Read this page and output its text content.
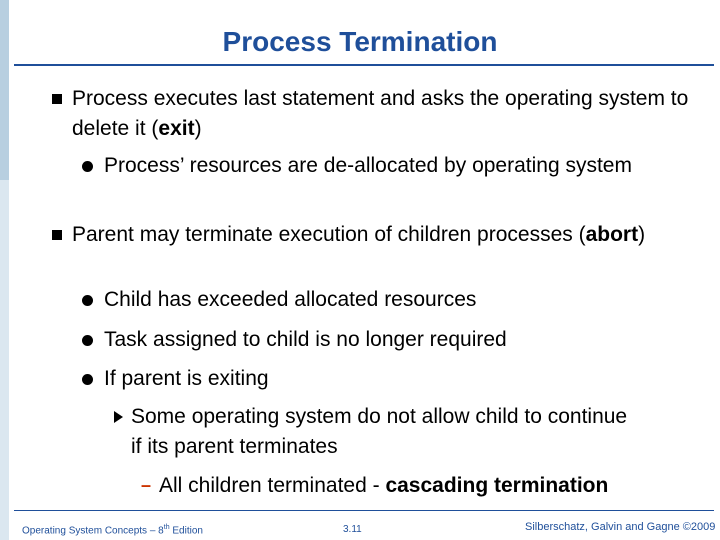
Process Termination
Process executes last statement and asks the operating system to delete it (exit)
Process’ resources are de-allocated by operating system
Parent may terminate execution of children processes (abort)
Child has exceeded allocated resources
Task assigned to child is no longer required
If parent is exiting
Some operating system do not allow child to continue if its parent terminates
– All children terminated - cascading termination
Operating System Concepts – 8th Edition	3.11	Silberschatz, Galvin and Gagne ©2009
